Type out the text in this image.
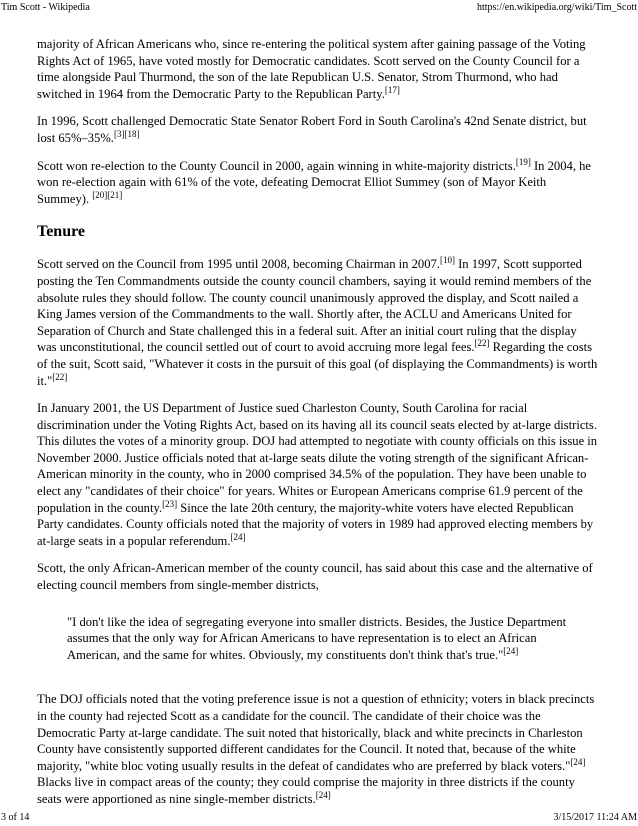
Tim Scott - Wikipedia	https://en.wikipedia.org/wiki/Tim_Scott

majority of African Americans who, since re-entering the political system after gaining passage of the Voting Rights Act of 1965, have voted mostly for Democratic candidates. Scott served on the County Council for a time alongside Paul Thurmond, the son of the late Republican U.S. Senator, Strom Thurmond, who had switched in 1964 from the Democratic Party to the Republican Party.[17]

In 1996, Scott challenged Democratic State Senator Robert Ford in South Carolina's 42nd Senate district, but lost 65%–35%.[3][18]

Scott won re-election to the County Council in 2000, again winning in white-majority districts.[19] In 2004, he won re-election again with 61% of the vote, defeating Democrat Elliot Summey (son of Mayor Keith Summey). [20][21]

Tenure

Scott served on the Council from 1995 until 2008, becoming Chairman in 2007.[10] In 1997, Scott supported posting the Ten Commandments outside the county council chambers, saying it would remind members of the absolute rules they should follow. The county council unanimously approved the display, and Scott nailed a King James version of the Commandments to the wall. Shortly after, the ACLU and Americans United for Separation of Church and State challenged this in a federal suit. After an initial court ruling that the display was unconstitutional, the council settled out of court to avoid accruing more legal fees.[22] Regarding the costs of the suit, Scott said, "Whatever it costs in the pursuit of this goal (of displaying the Commandments) is worth it."[22]

In January 2001, the US Department of Justice sued Charleston County, South Carolina for racial discrimination under the Voting Rights Act, based on its having all its council seats elected by at-large districts. This dilutes the votes of a minority group. DOJ had attempted to negotiate with county officials on this issue in November 2000. Justice officials noted that at-large seats dilute the voting strength of the significant African-American minority in the county, who in 2000 comprised 34.5% of the population. They have been unable to elect any "candidates of their choice" for years. Whites or European Americans comprise 61.9 percent of the population in the county.[23] Since the late 20th century, the majority-white voters have elected Republican Party candidates. County officials noted that the majority of voters in 1989 had approved electing members by at-large seats in a popular referendum.[24]

Scott, the only African-American member of the county council, has said about this case and the alternative of electing council members from single-member districts,

"I don't like the idea of segregating everyone into smaller districts. Besides, the Justice Department assumes that the only way for African Americans to have representation is to elect an African American, and the same for whites. Obviously, my constituents don't think that's true."[24]

The DOJ officials noted that the voting preference issue is not a question of ethnicity; voters in black precincts in the county had rejected Scott as a candidate for the council. The candidate of their choice was the Democratic Party at-large candidate. The suit noted that historically, black and white precincts in Charleston County have consistently supported different candidates for the Council. It noted that, because of the white majority, "white bloc voting usually results in the defeat of candidates who are preferred by black voters."[24] Blacks live in compact areas of the county; they could comprise the majority in three districts if the county seats were apportioned as nine single-member districts.[24]

3 of 14	3/15/2017 11:24 AM
